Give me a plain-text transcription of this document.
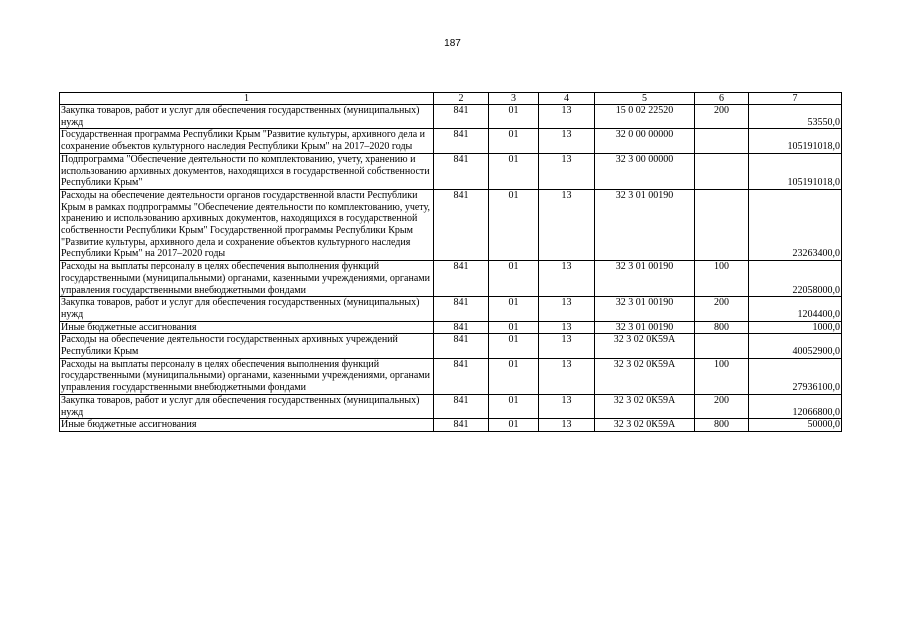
187
1	2	3	4	5	6	7
Закупка товаров, работ и услуг для обеспечения государственных (муниципальных) нужд	841	01	13	15 0 02 22520	200	53550,0
Государственная программа Республики Крым "Развитие культуры, архивного дела и сохранение объектов культурного наследия Республики Крым" на 2017–2020 годы	841	01	13	32 0 00 00000		105191018,0
Подпрограмма "Обеспечение деятельности по комплектованию, учету, хранению и использованию архивных документов, находящихся в государственной собственности Республики Крым"	841	01	13	32 3 00 00000		105191018,0
Расходы на обеспечение деятельности органов государственной власти Республики Крым в рамках подпрограммы "Обеспечение деятельности по комплектованию, учету, хранению и использованию архивных документов, находящихся в государственной собственности Республики Крым" Государственной программы Республики Крым "Развитие культуры, архивного дела и сохранение объектов культурного наследия Республики Крым" на 2017–2020 годы	841	01	13	32 3 01 00190		23263400,0
Расходы на выплаты персоналу в целях обеспечения выполнения функций государственными (муниципальными) органами, казенными учреждениями, органами управления государственными внебюджетными фондами	841	01	13	32 3 01 00190	100	22058000,0
Закупка товаров, работ и услуг для обеспечения государственных (муниципальных) нужд	841	01	13	32 3 01 00190	200	1204400,0
Иные бюджетные ассигнования	841	01	13	32 3 01 00190	800	1000,0
Расходы на обеспечение деятельности государственных архивных учреждений Республики Крым	841	01	13	32 3 02 0К59А		40052900,0
Расходы на выплаты персоналу в целях обеспечения выполнения функций государственными (муниципальными) органами, казенными учреждениями, органами управления государственными внебюджетными фондами	841	01	13	32 3 02 0К59А	100	27936100,0
Закупка товаров, работ и услуг для обеспечения государственных (муниципальных) нужд	841	01	13	32 3 02 0К59А	200	12066800,0
Иные бюджетные ассигнования	841	01	13	32 3 02 0К59А	800	50000,0
